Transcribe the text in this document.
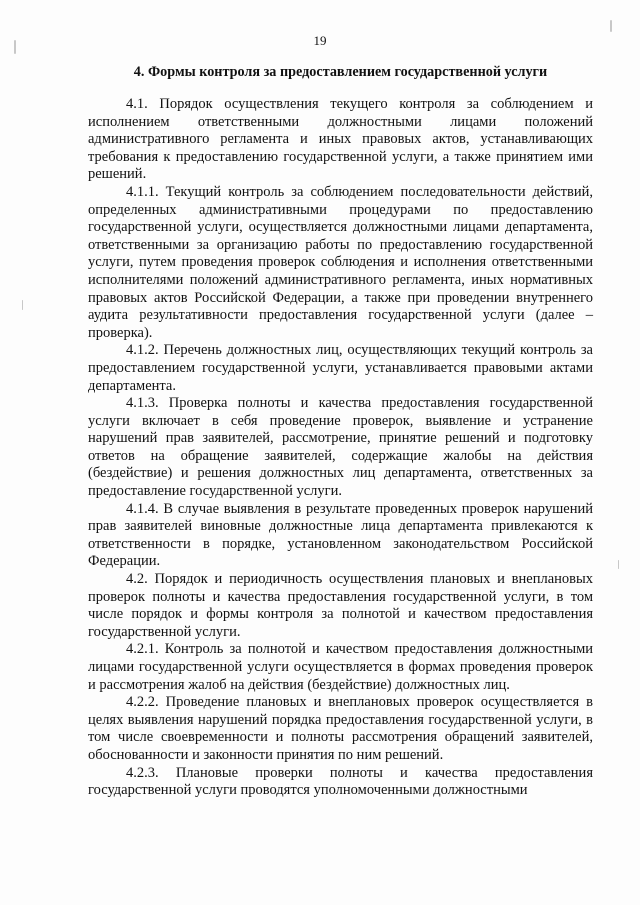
19
4. Формы контроля за предоставлением государственной услуги

4.1. Порядок осуществления текущего контроля за соблюдением и исполнением ответственными должностными лицами положений административного регламента и иных правовых актов, устанавливающих требования к предоставлению государственной услуги, а также принятием ими решений.

4.1.1. Текущий контроль за соблюдением последовательности действий, определенных административными процедурами по предоставлению государственной услуги, осуществляется должностными лицами департамента, ответственными за организацию работы по предоставлению государственной услуги, путем проведения проверок соблюдения и исполнения ответственными исполнителями положений административного регламента, иных нормативных правовых актов Российской Федерации, а также при проведении внутреннего аудита результативности предоставления государственной услуги (далее – проверка).

4.1.2. Перечень должностных лиц, осуществляющих текущий контроль за предоставлением государственной услуги, устанавливается правовыми актами департамента.

4.1.3. Проверка полноты и качества предоставления государственной услуги включает в себя проведение проверок, выявление и устранение нарушений прав заявителей, рассмотрение, принятие решений и подготовку ответов на обращение заявителей, содержащие жалобы на действия (бездействие) и решения должностных лиц департамента, ответственных за предоставление государственной услуги.

4.1.4. В случае выявления в результате проведенных проверок нарушений прав заявителей виновные должностные лица департамента привлекаются к ответственности в порядке, установленном законодательством Российской Федерации.

4.2. Порядок и периодичность осуществления плановых и внеплановых проверок полноты и качества предоставления государственной услуги, в том числе порядок и формы контроля за полнотой и качеством предоставления государственной услуги.

4.2.1. Контроль за полнотой и качеством предоставления должностными лицами государственной услуги осуществляется в формах проведения проверок и рассмотрения жалоб на действия (бездействие) должностных лиц.

4.2.2. Проведение плановых и внеплановых проверок осуществляется в целях выявления нарушений порядка предоставления государственной услуги, в том числе своевременности и полноты рассмотрения обращений заявителей, обоснованности и законности принятия по ним решений.

4.2.3. Плановые проверки полноты и качества предоставления государственной услуги проводятся уполномоченными должностными
